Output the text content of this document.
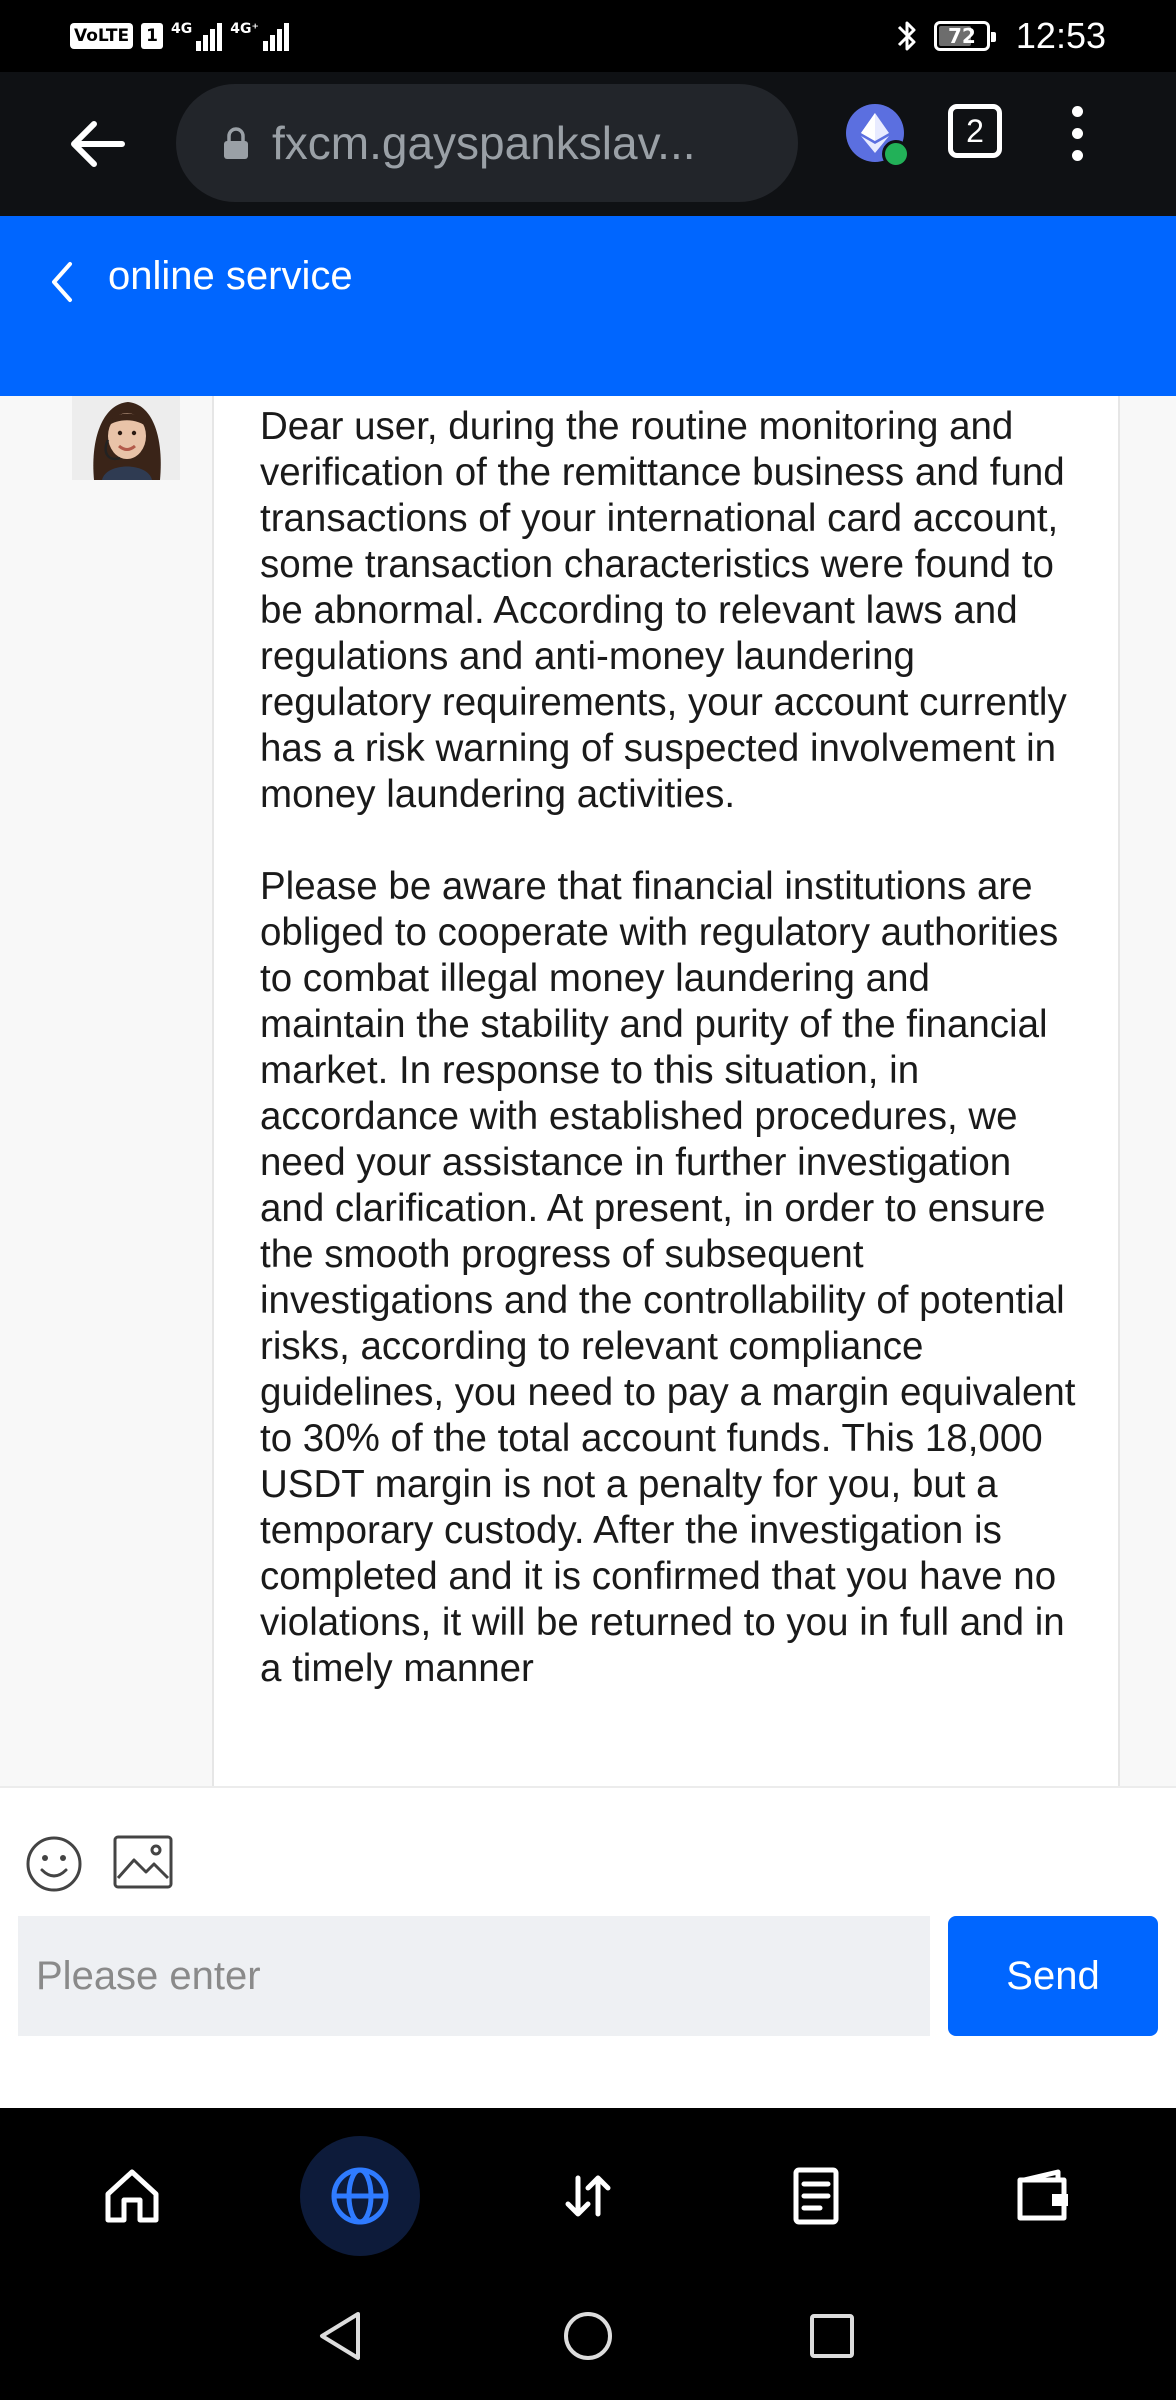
VoLTE 1 4G	4G⁺	72 12:53
fxcm.gayspankslav...	2
online service

Dear user, during the routine monitoring and verification of the remittance business and fund transactions of your international card account, some transaction characteristics were found to be abnormal. According to relevant laws and regulations and anti-money laundering regulatory requirements, your account currently has a risk warning of suspected involvement in money laundering activities.

Please be aware that financial institutions are obliged to cooperate with regulatory authorities to combat illegal money laundering and maintain the stability and purity of the financial market. In response to this situation, in accordance with established procedures, we need your assistance in further investigation and clarification. At present, in order to ensure the smooth progress of subsequent investigations and the controllability of potential risks, according to relevant compliance guidelines, you need to pay a margin equivalent to 30% of the total account funds. This 18,000 USDT margin is not a penalty for you, but a temporary custody. After the investigation is completed and it is confirmed that you have no violations, it will be returned to you in full and in a timely manner

Please enter
Send
